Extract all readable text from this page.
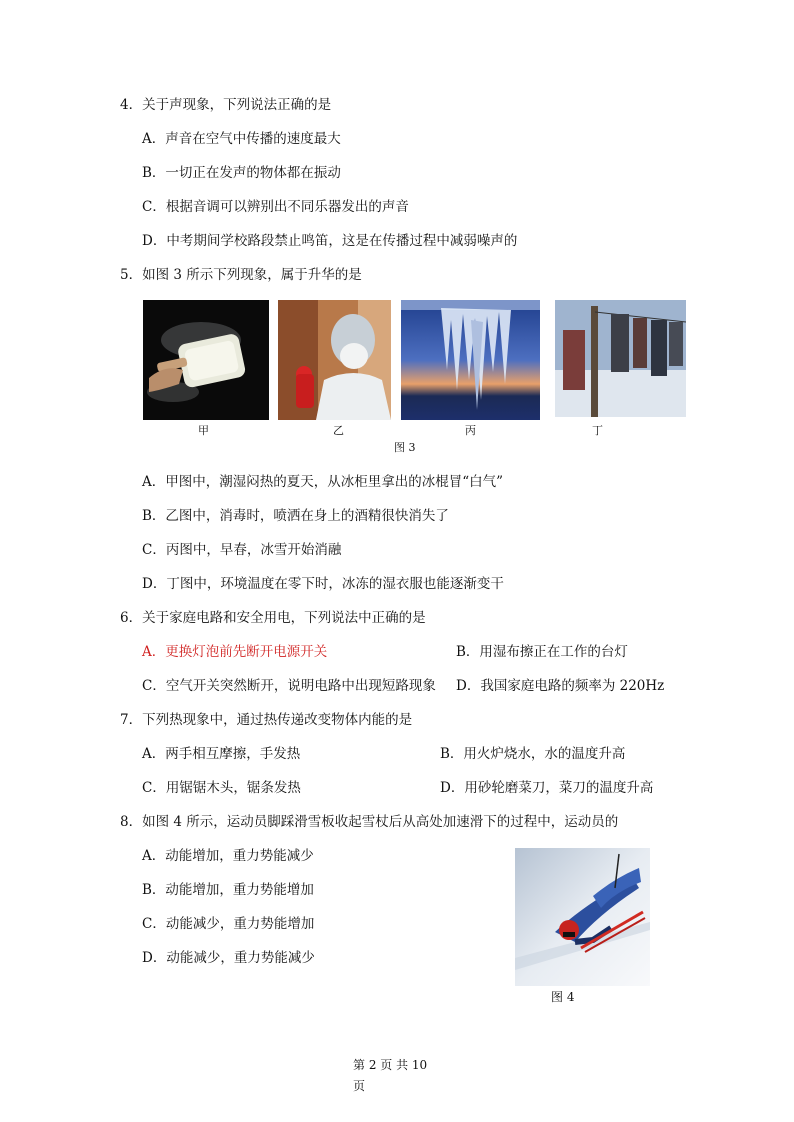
4．关于声现象，下列说法正确的是
A．声音在空气中传播的速度最大
B．一切正在发声的物体都在振动
C．根据音调可以辨别出不同乐器发出的声音
D．中考期间学校路段禁止鸣笛，这是在传播过程中减弱噪声的
5．如图 3 所示下列现象，属于升华的是
甲	乙	丙	丁
图 3
A．甲图中，潮湿闷热的夏天，从冰柜里拿出的冰棍冒“白气”
B．乙图中，消毒时，喷洒在身上的酒精很快消失了
C．丙图中，早春，冰雪开始消融
D．丁图中，环境温度在零下时，冰冻的湿衣服也能逐渐变干
6．关于家庭电路和安全用电，下列说法中正确的是
A．更换灯泡前先断开电源开关	B．用湿布擦正在工作的台灯
C．空气开关突然断开，说明电路中出现短路现象 D．我国家庭电路的频率为 220Hz
7．下列热现象中，通过热传递改变物体内能的是
A．两手相互摩擦，手发热	B．用火炉烧水，水的温度升高
C．用锯锯木头，锯条发热	D．用砂轮磨菜刀，菜刀的温度升高
8．如图 4 所示，运动员脚踩滑雪板收起雪杖后从高处加速滑下的过程中，运动员的
A．动能增加，重力势能减少
B．动能增加，重力势能增加
C．动能减少，重力势能增加
D．动能减少，重力势能减少
图 4
第 2 页 共 10
页
